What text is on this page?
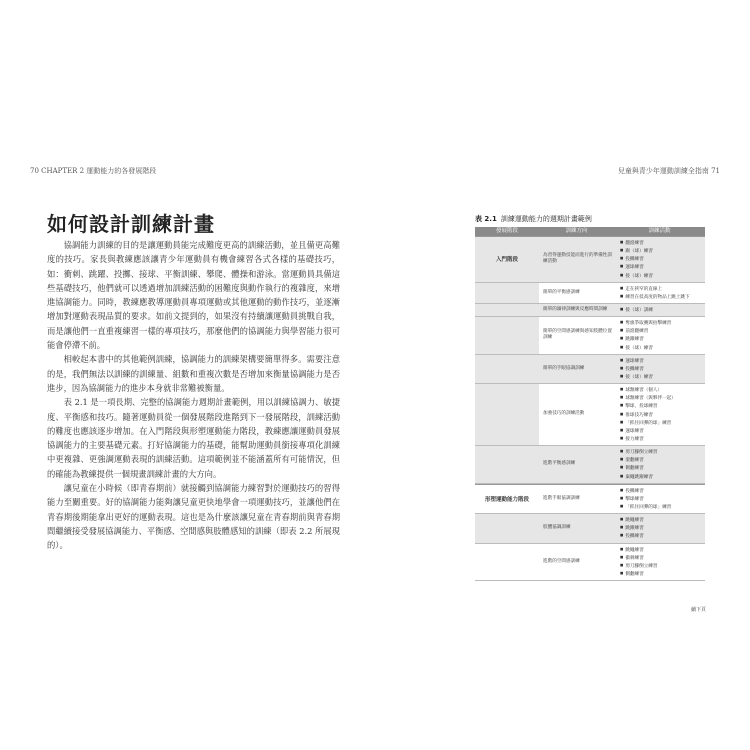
70 CHAPTER 2 運動能力的各發展階段
如何設計訓練計畫

協調能力訓練的目的是讓運動員能完成難度更高的訓練活動，並且備更高難度的技巧。家長與教練應該讓青少年運動員有機會練習各式各樣的基礎技巧，如：衝刺、跳躍、投擲、接球、平衡訓練、攀爬、體操和游泳。當運動員具備這些基礎技巧，他們就可以透過增加訓練活動的困難度與動作執行的複雜度，來增進協調能力。同時，教練應教導運動員專項運動或其他運動的動作技巧，並逐漸增加對運動表現品質的要求。如前文提到的，如果沒有持續讓運動員挑戰自我，而是讓他們一直重複練習一樣的專項技巧，那麼他們的協調能力與學習能力很可能會停滯不前。

相較起本書中的其他範例訓練，協調能力的訓練架構要簡單得多。需要注意的是，我們無法以訓練的訓練量、組數和重複次數是否增加來衡量協調能力是否進步，因為協調能力的進步本身就非常難被衡量。

表 2.1 是一項長期、完整的協調能力週期計畫範例，用以訓練協調力、敏捷度、平衡感和技巧。隨著運動員從一個發展階段進階到下一發展階段，訓練活動的難度也應該逐步增加。在入門階段與形塑運動能力階段，教練應讓運動員發展協調能力的主要基礎元素。打好協調能力的基礎，能幫助運動員銜接專項化訓練中更複雜、更強調運動表現的訓練活動。這項範例並不能涵蓋所有可能情況，但的確能為教練提供一個規畫訓練計畫的大方向。

讓兒童在小時候（即青春期前）就接觸到協調能力練習對於運動技巧的習得能力至關重要。好的協調能力能夠讓兒童更快地學會一項運動技巧，並讓他們在青春期後期能拿出更好的運動表現。這也是為什麼該讓兒童在青春期前與青春期間繼續接受發展協調能力、平衡感、空間感與肢體感知的訓練（即表 2.2 所展現的）。

兒童與青少年運動訓練全指南 71
表 2.1 訓練運動能力的週期計畫範例
發展階段	訓練方向	訓練活動
入門階段
為習得運動技能而進行的準備性訓練活動
■ 翻滾練習
■ 踢（球）練習
■ 投擲練習
■ 運球練習
■ 接（球）練習
簡單的平衡感訓練
■ 走在狹窄的直線上
■ 練習在低高度的物品上跳上跳下
簡單的韻律訓練與反應時間訓練
■	接（球）訓練
簡單的空間感訓練與感知肢體位置訓練
■ 奪旗爭取賽與拍擊練習
■ 前滾翻練習
■ 跳躍練習
■ 接（球）練習
簡單的手眼協調訓練
■ 運球練習
■ 投擲練習
■ 接（球）練習
加強技巧的訓練活動
■ 球類練習（個人）
■ 球類練習（與夥伴一起）
■ 擊球、投球練習
■ 推球技巧練習
■ 「抓住回彈的球」練習
■ 運球練習
■ 接力練習
進階平衡感訓練
■ 剪刀腳倒立練習
■ 滾翻練習
■ 側翻練習
■ 棄繩跳躍練習
形塑運動能力階段	進階手眼協調訓練
■ 投擲練習
■ 擊球練習
■ 「抓住回彈的球」練習
肢體協調訓練
■ 跳繩練習
■ 跳躍練習
■ 投擲練習
進階的空間感訓練
■ 跳繩練習
■ 衝刺練習
■ 剪刀腳倒立練習
■ 側翻練習
續下頁
